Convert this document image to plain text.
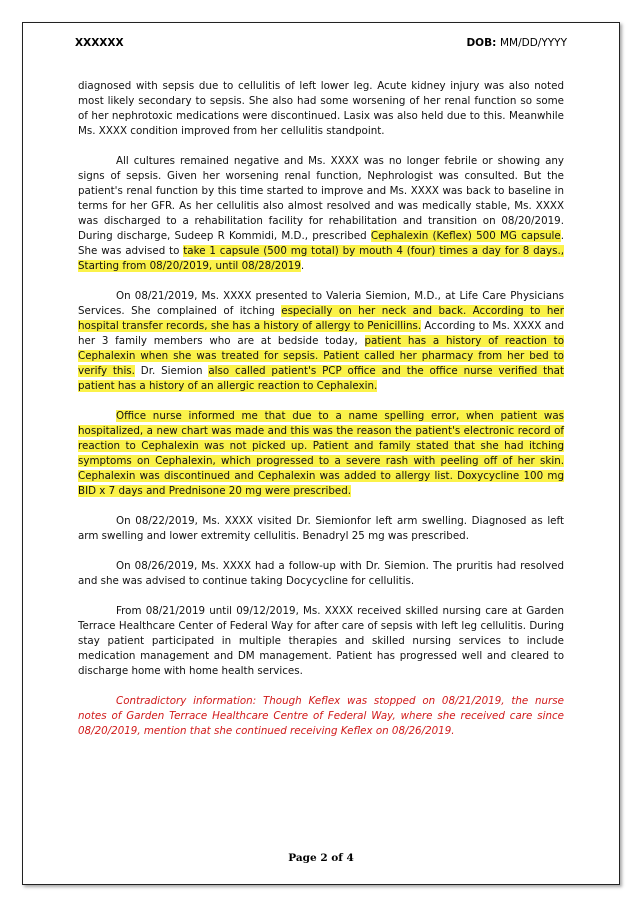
XXXXXX	DOB: MM/DD/YYYY

diagnosed with sepsis due to cellulitis of left lower leg. Acute kidney injury was also noted most likely secondary to sepsis. She also had some worsening of her renal function so some of her nephrotoxic medications were discontinued. Lasix was also held due to this. Meanwhile Ms. XXXX condition improved from her cellulitis standpoint.

All cultures remained negative and Ms. XXXX was no longer febrile or showing any signs of sepsis. Given her worsening renal function, Nephrologist was consulted. But the patient's renal function by this time started to improve and Ms. XXXX was back to baseline in terms for her GFR. As her cellulitis also almost resolved and was medically stable, Ms. XXXX was discharged to a rehabilitation facility for rehabilitation and transition on 08/20/2019. During discharge, Sudeep R Kommidi, M.D., prescribed Cephalexin (Keflex) 500 MG capsule. She was advised to take 1 capsule (500 mg total) by mouth 4 (four) times a day for 8 days., Starting from 08/20/2019, until 08/28/2019.

On 08/21/2019, Ms. XXXX presented to Valeria Siemion, M.D., at Life Care Physicians Services. She complained of itching especially on her neck and back. According to her hospital transfer records, she has a history of allergy to Penicillins. According to Ms. XXXX and her 3 family members who are at bedside today, patient has a history of reaction to Cephalexin when she was treated for sepsis. Patient called her pharmacy from her bed to verify this. Dr. Siemion also called patient's PCP office and the office nurse verified that patient has a history of an allergic reaction to Cephalexin.

Office nurse informed me that due to a name spelling error, when patient was hospitalized, a new chart was made and this was the reason the patient's electronic record of reaction to Cephalexin was not picked up. Patient and family stated that she had itching symptoms on Cephalexin, which progressed to a severe rash with peeling off of her skin. Cephalexin was discontinued and Cephalexin was added to allergy list. Doxycycline 100 mg BID x 7 days and Prednisone 20 mg were prescribed.

On 08/22/2019, Ms. XXXX visited Dr. Siemionfor left arm swelling. Diagnosed as left arm swelling and lower extremity cellulitis. Benadryl 25 mg was prescribed.

On 08/26/2019, Ms. XXXX had a follow-up with Dr. Siemion. The pruritis had resolved and she was advised to continue taking Docycycline for cellulitis.

From 08/21/2019 until 09/12/2019, Ms. XXXX received skilled nursing care at Garden Terrace Healthcare Center of Federal Way for after care of sepsis with left leg cellulitis. During stay patient participated in multiple therapies and skilled nursing services to include medication management and DM management. Patient has progressed well and cleared to discharge home with home health services.

Contradictory information: Though Keflex was stopped on 08/21/2019, the nurse notes of Garden Terrace Healthcare Centre of Federal Way, where she received care since 08/20/2019, mention that she continued receiving Keflex on 08/26/2019.

Page 2 of 4
